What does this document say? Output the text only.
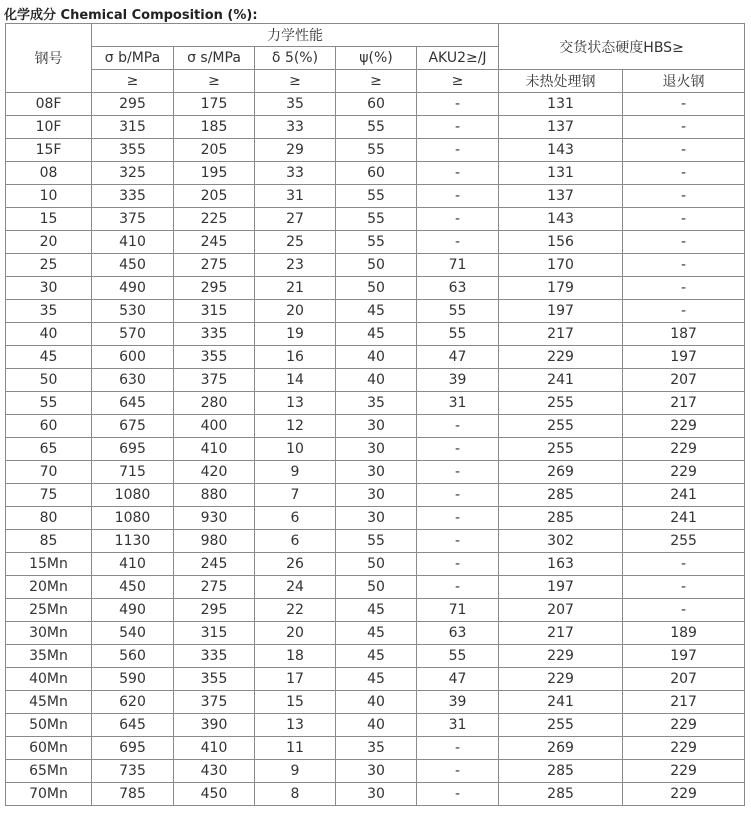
化学成分 Chemical Composition (%):
钢号	力学性能					交货状态硬度HBS≥	
	σ b/MPa	σ s/MPa	δ 5(%)	ψ(%)	AKU2≥/J		
	≥	≥	≥	≥	≥	未热处理钢	退火钢
08F	295	175	35	60	-	131	-
10F	315	185	33	55	-	137	-
15F	355	205	29	55	-	143	-
08	325	195	33	60	-	131	-
10	335	205	31	55	-	137	-
15	375	225	27	55	-	143	-
20	410	245	25	55	-	156	-
25	450	275	23	50	71	170	-
30	490	295	21	50	63	179	-
35	530	315	20	45	55	197	-
40	570	335	19	45	55	217	187
45	600	355	16	40	47	229	197
50	630	375	14	40	39	241	207
55	645	280	13	35	31	255	217
60	675	400	12	30	-	255	229
65	695	410	10	30	-	255	229
70	715	420	9	30	-	269	229
75	1080	880	7	30	-	285	241
80	1080	930	6	30	-	285	241
85	1130	980	6	55	-	302	255
15Mn	410	245	26	50	-	163	-
20Mn	450	275	24	50	-	197	-
25Mn	490	295	22	45	71	207	-
30Mn	540	315	20	45	63	217	189
35Mn	560	335	18	45	55	229	197
40Mn	590	355	17	45	47	229	207
45Mn	620	375	15	40	39	241	217
50Mn	645	390	13	40	31	255	229
60Mn	695	410	11	35	-	269	229
65Mn	735	430	9	30	-	285	229
70Mn	785	450	8	30	-	285	229
